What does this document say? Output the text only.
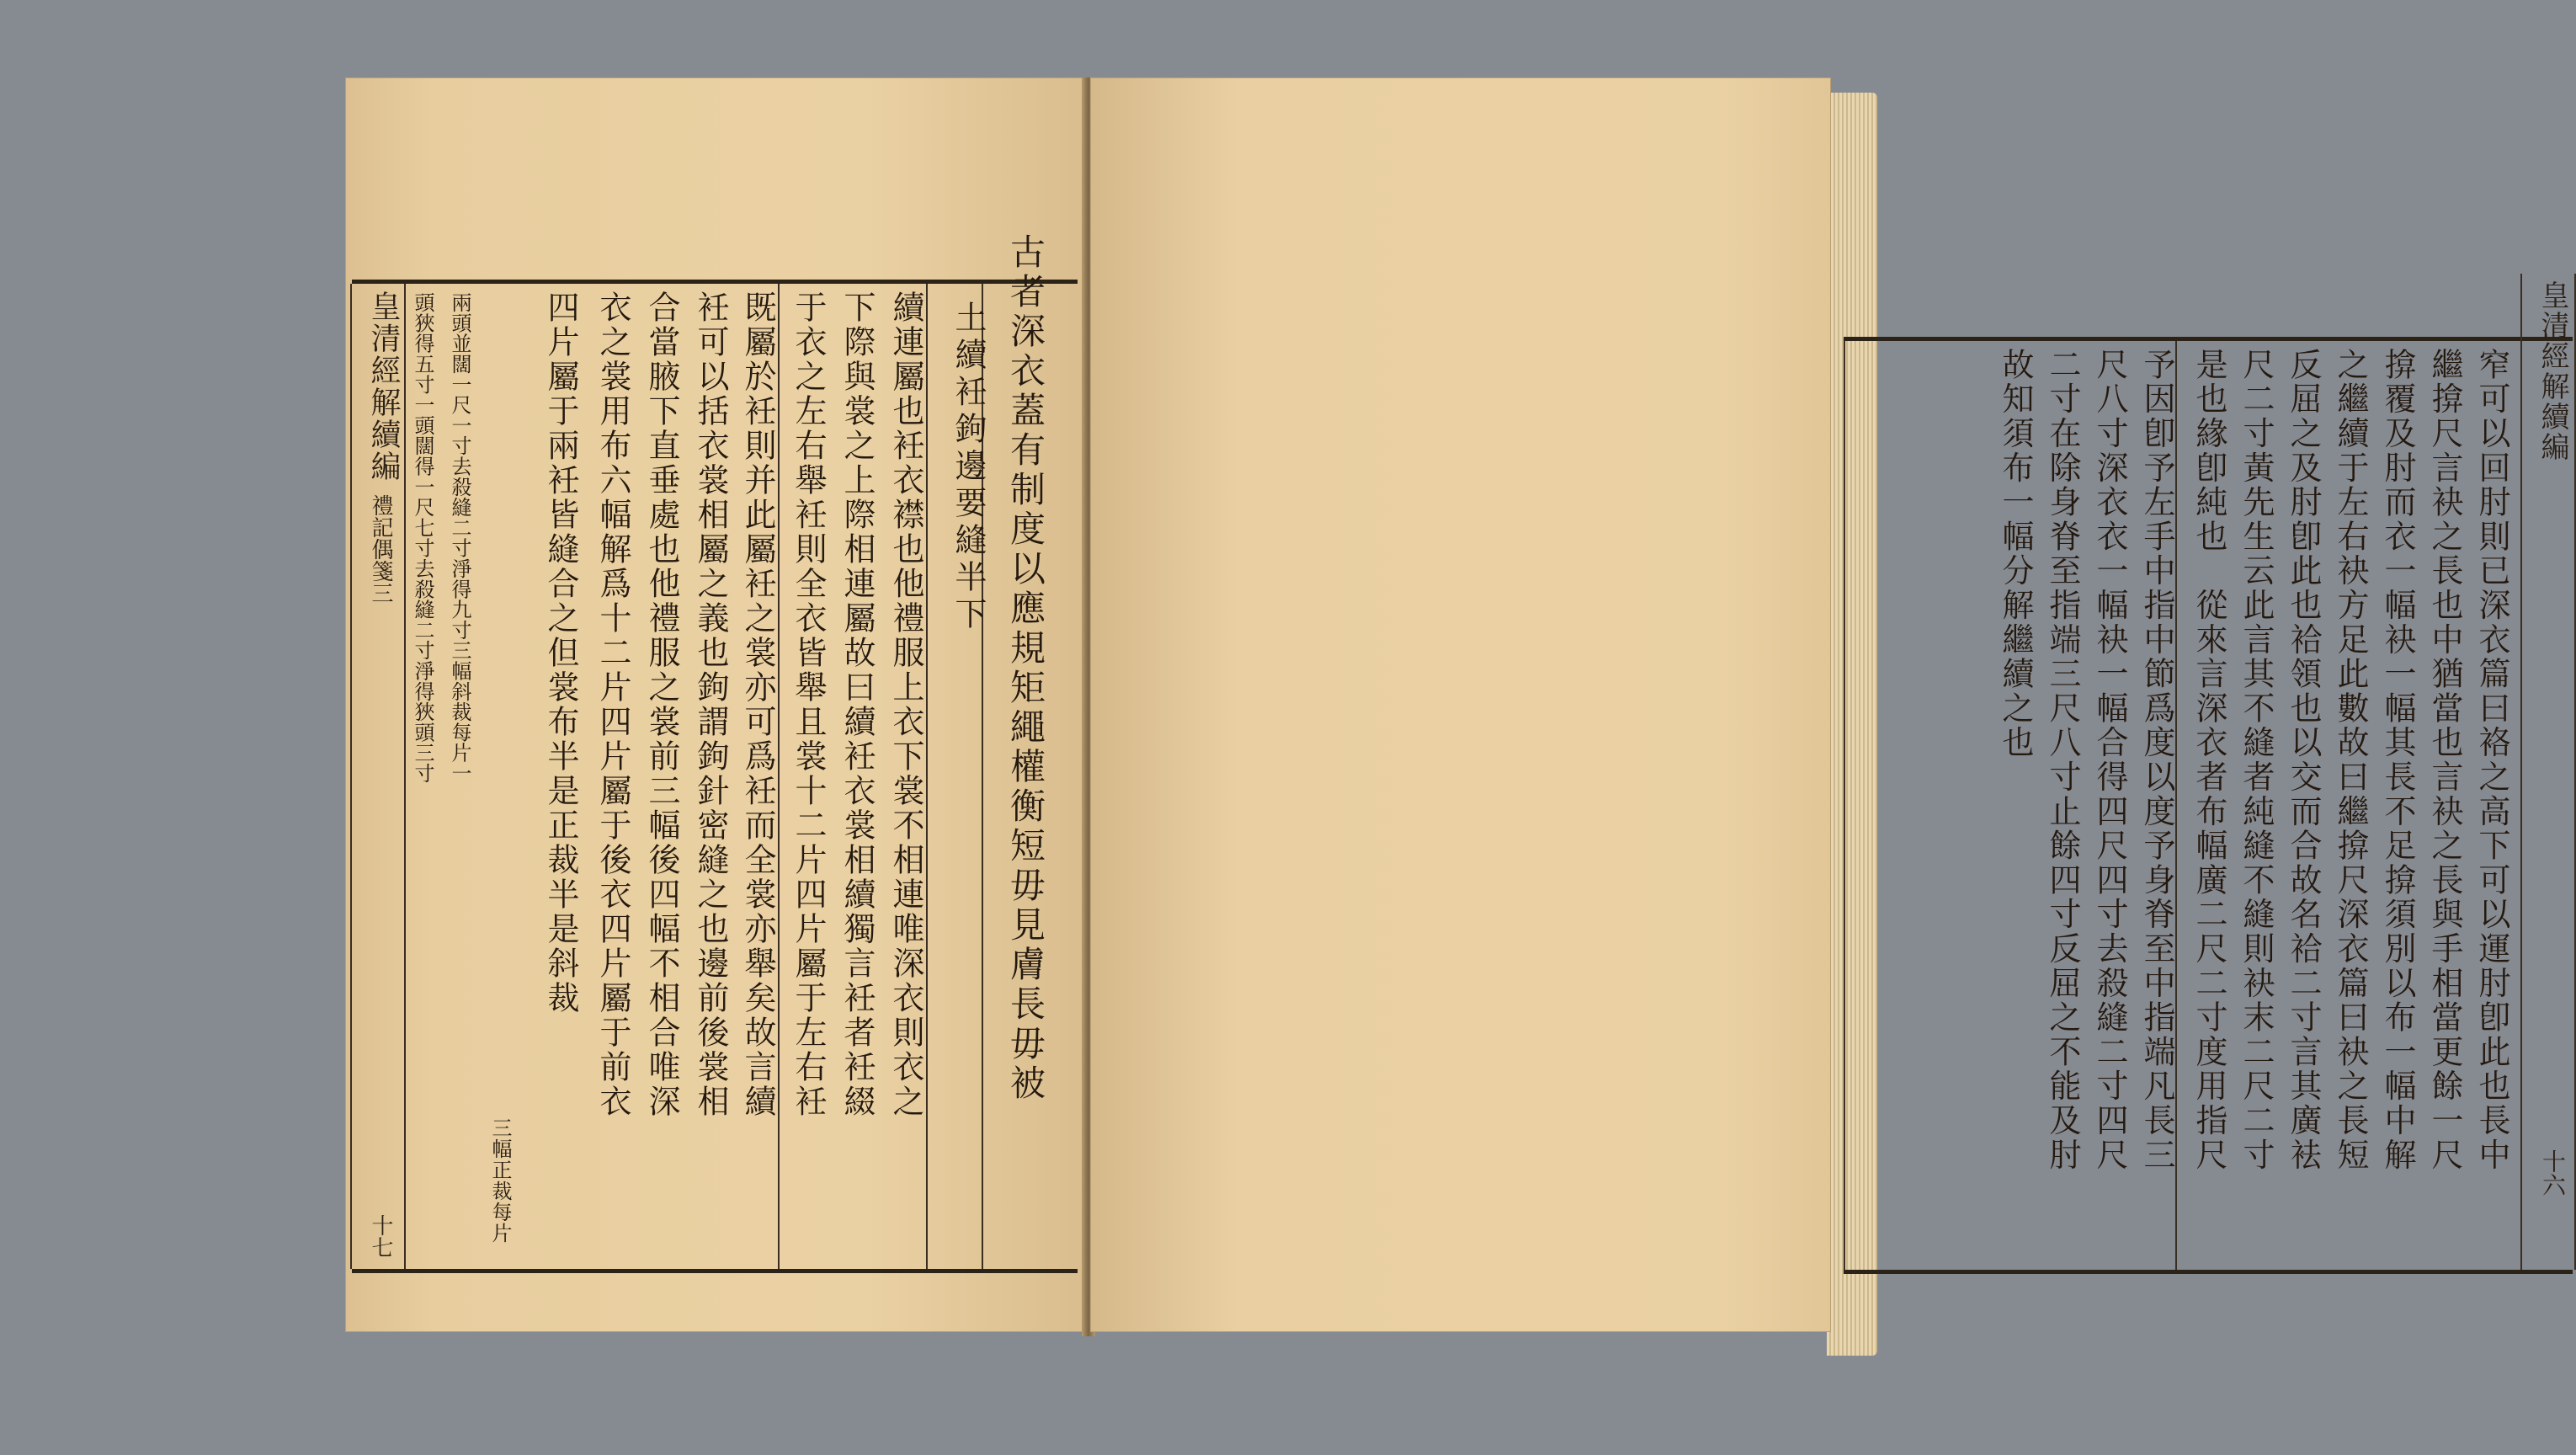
皇清經解續編
禮記偶箋三
十七	三幅正裁每片
兩頭並闊一尺一寸去殺縫二寸淨得九寸三幅斜裁每片一
頭狹得五寸一頭闊得一尺七寸去殺縫二寸淨得狹頭三寸	古者深衣蓋有制度以應規矩繩權衡短毋見膚長毋被
土續衽鉤邊要縫半下
續連屬也衽衣襟也他禮服上衣下裳不相連唯深衣則衣之
下際與裳之上際相連屬故曰續衽衣裳相續獨言衽者衽綴
于衣之左右舉衽則全衣皆舉且裳十二片四片屬于左右衽
既屬於衽則并此屬衽之裳亦可爲衽而全裳亦舉矣故言續
衽可以括衣裳相屬之義也鉤謂鉤針密縫之也邊前後裳相
合當腋下直垂處也他禮服之裳前三幅後四幅不相合唯深
衣之裳用布六幅解爲十二片四片屬于後衣四片屬于前衣
四片屬于兩衽皆縫合之但裳布半是正裁半是斜裁	皇清經解續編
十六
窄可以回肘則已深衣篇曰袼之高下可以運肘卽此也長中
繼揜尺言袂之長也中猶當也言袂之長與手相當更餘一尺
揜覆及肘而衣一幅袂一幅其長不足揜須別以布一幅中解
之繼續于左右袂方足此數故曰繼揜尺深衣篇曰袂之長短
反屈之及肘卽此也袷領也以交而合故名袷二寸言其廣袪
尺二寸黃先生云此言其不縫者純縫不縫則袂末二尺二寸
是也緣卽純也　從來言深衣者布幅廣二尺二寸度用指尺
予因卽予左手中指中節爲度以度予身脊至中指端凡長三
尺八寸深衣衣一幅袂一幅合得四尺四寸去殺縫二寸四尺
二寸在除身脊至指端三尺八寸止餘四寸反屈之不能及肘
故知須布一幅分解繼續之也
